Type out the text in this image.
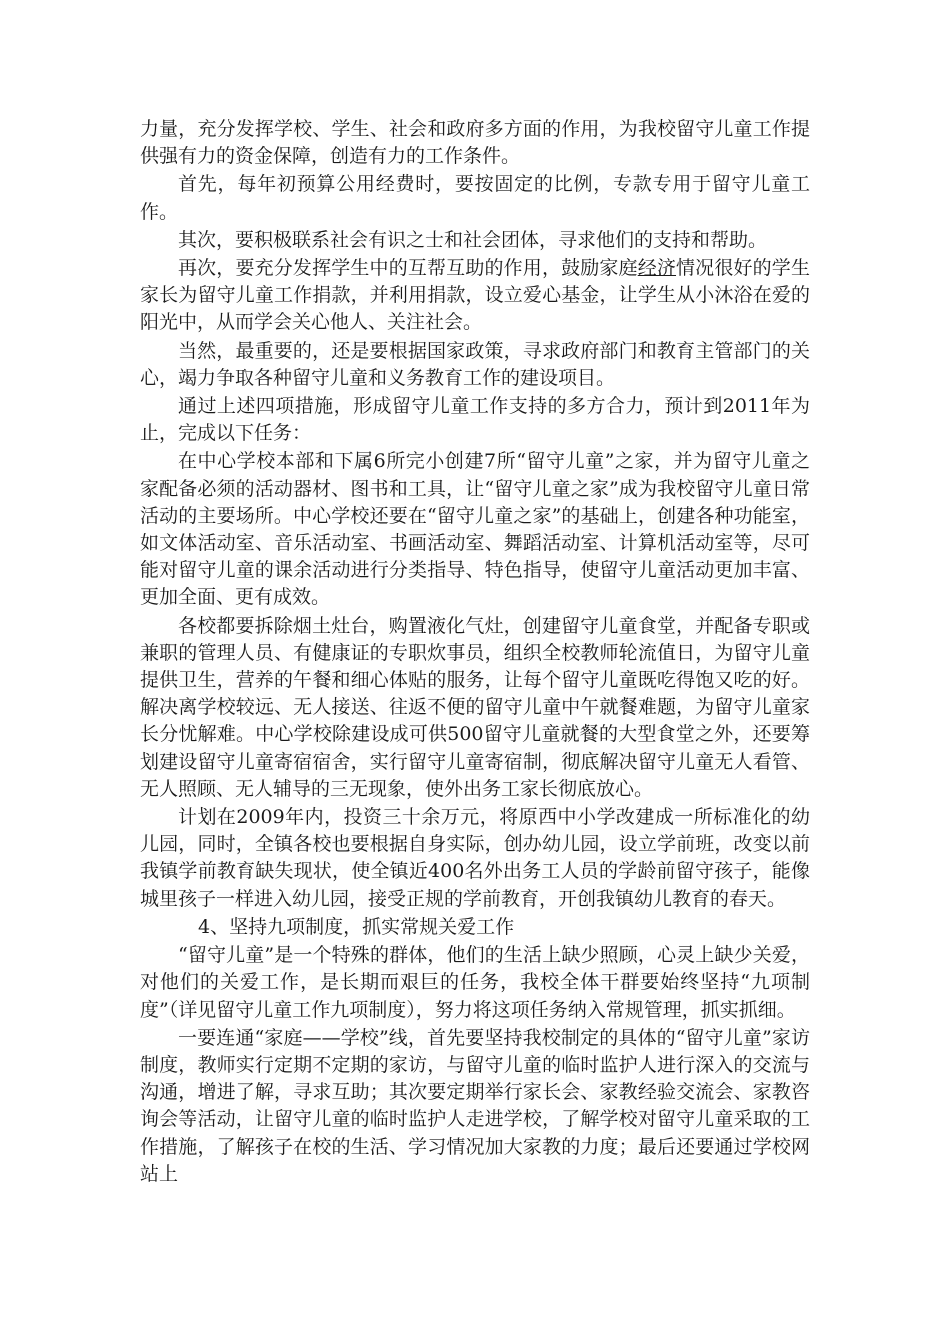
力量，充分发挥学校、学生、社会和政府多方面的作用，为我校留守儿童工作提供强有力的资金保障，创造有力的工作条件。

首先，每年初预算公用经费时，要按固定的比例，专款专用于留守儿童工作。

其次，要积极联系社会有识之士和社会团体，寻求他们的支持和帮助。

再次，要充分发挥学生中的互帮互助的作用，鼓励家庭经济情况很好的学生家长为留守儿童工作捐款，并利用捐款，设立爱心基金，让学生从小沐浴在爱的阳光中，从而学会关心他人、关注社会。

当然，最重要的，还是要根据国家政策，寻求政府部门和教育主管部门的关心，竭力争取各种留守儿童和义务教育工作的建设项目。

通过上述四项措施，形成留守儿童工作支持的多方合力，预计到2011年为止，完成以下任务：

在中心学校本部和下属6所完小创建7所“留守儿童”之家，并为留守儿童之家配备必须的活动器材、图书和工具，让“留守儿童之家”成为我校留守儿童日常活动的主要场所。中心学校还要在“留守儿童之家”的基础上，创建各种功能室，如文体活动室、音乐活动室、书画活动室、舞蹈活动室、计算机活动室等，尽可能对留守儿童的课余活动进行分类指导、特色指导，使留守儿童活动更加丰富、更加全面、更有成效。

各校都要拆除烟土灶台，购置液化气灶，创建留守儿童食堂，并配备专职或兼职的管理人员、有健康证的专职炊事员，组织全校教师轮流值日，为留守儿童提供卫生，营养的午餐和细心体贴的服务，让每个留守儿童既吃得饱又吃的好。解决离学校较远、无人接送、往返不便的留守儿童中午就餐难题，为留守儿童家长分忧解难。中心学校除建设成可供500留守儿童就餐的大型食堂之外，还要筹划建设留守儿童寄宿宿舍，实行留守儿童寄宿制，彻底解决留守儿童无人看管、无人照顾、无人辅导的三无现象，使外出务工家长彻底放心。

计划在2009年内，投资三十余万元，将原西中小学改建成一所标准化的幼儿园，同时，全镇各校也要根据自身实际，创办幼儿园，设立学前班，改变以前我镇学前教育缺失现状，使全镇近400名外出务工人员的学龄前留守孩子，能像城里孩子一样进入幼儿园，接受正规的学前教育，开创我镇幼儿教育的春天。

4、坚持九项制度，抓实常规关爱工作

“留守儿童”是一个特殊的群体，他们的生活上缺少照顾，心灵上缺少关爱，对他们的关爱工作，是长期而艰巨的任务，我校全体干群要始终坚持“九项制度”（详见留守儿童工作九项制度），努力将这项任务纳入常规管理，抓实抓细。

一要连通“家庭——学校”线，首先要坚持我校制定的具体的“留守儿童”家访制度，教师实行定期不定期的家访，与留守儿童的临时监护人进行深入的交流与沟通，增进了解，寻求互助；其次要定期举行家长会、家教经验交流会、家教咨询会等活动，让留守儿童的临时监护人走进学校，了解学校对留守儿童采取的工作措施，了解孩子在校的生活、学习情况加大家教的力度；最后还要通过学校网站上
